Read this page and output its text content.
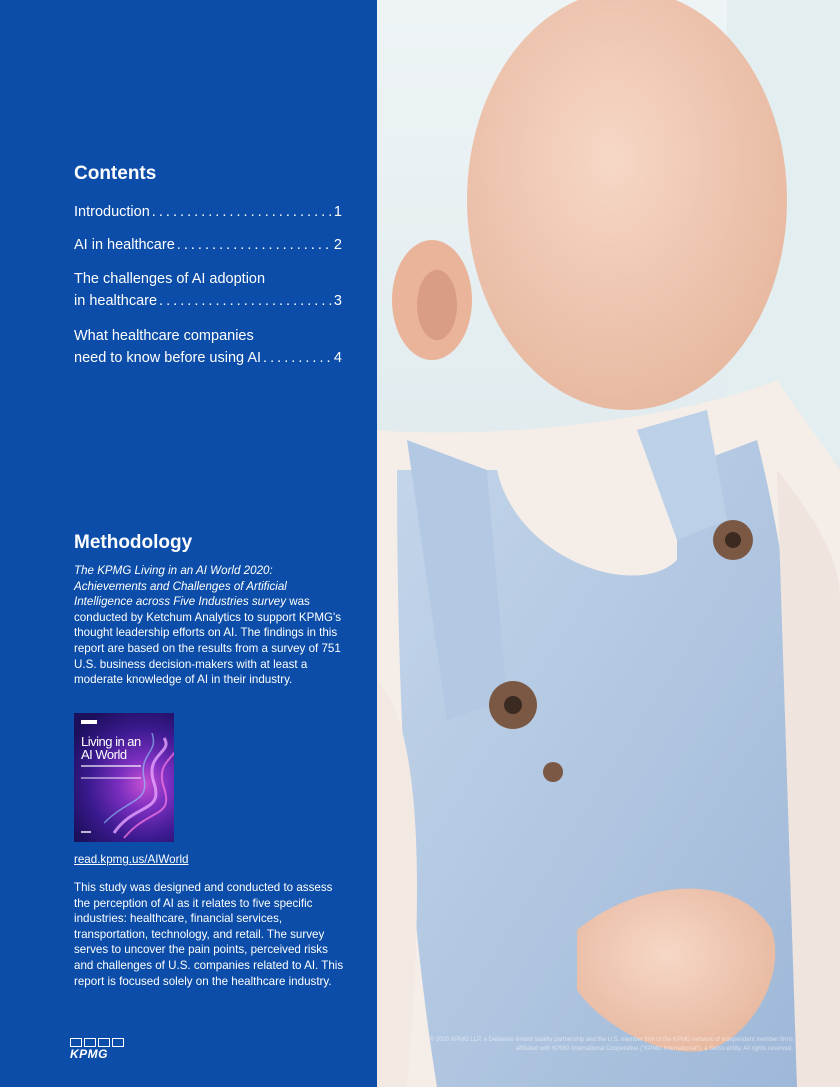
Contents
Introduction . . .	1
AI in healthcare . . .	2
The challenges of AI adoption
in healthcare . . .	3
What healthcare companies
need to know before using AI . . .	4
Methodology

The KPMG Living in an AI World 2020: Achievements and Challenges of Artificial Intelligence across Five Industries survey was conducted by Ketchum Analytics to support KPMG's thought leadership efforts on AI. The findings in this report are based on the results from a survey of 751 U.S. business decision-makers with at least a moderate knowledge of AI in their industry.

Living in an AI World
read.kpmg.us/AIWorld

This study was designed and conducted to assess the perception of AI as it relates to five specific industries: healthcare, financial services, transportation, technology, and retail. The survey serves to uncover the pain points, perceived risks and challenges of U.S. companies related to AI. This report is focused solely on the healthcare industry.

KPMG

© 2020 KPMG LLP, a Delaware limited liability partnership and the U.S. member firm of the KPMG network of independent member firms affiliated with KPMG International Cooperative ("KPMG International"), a Swiss entity. All rights reserved.
